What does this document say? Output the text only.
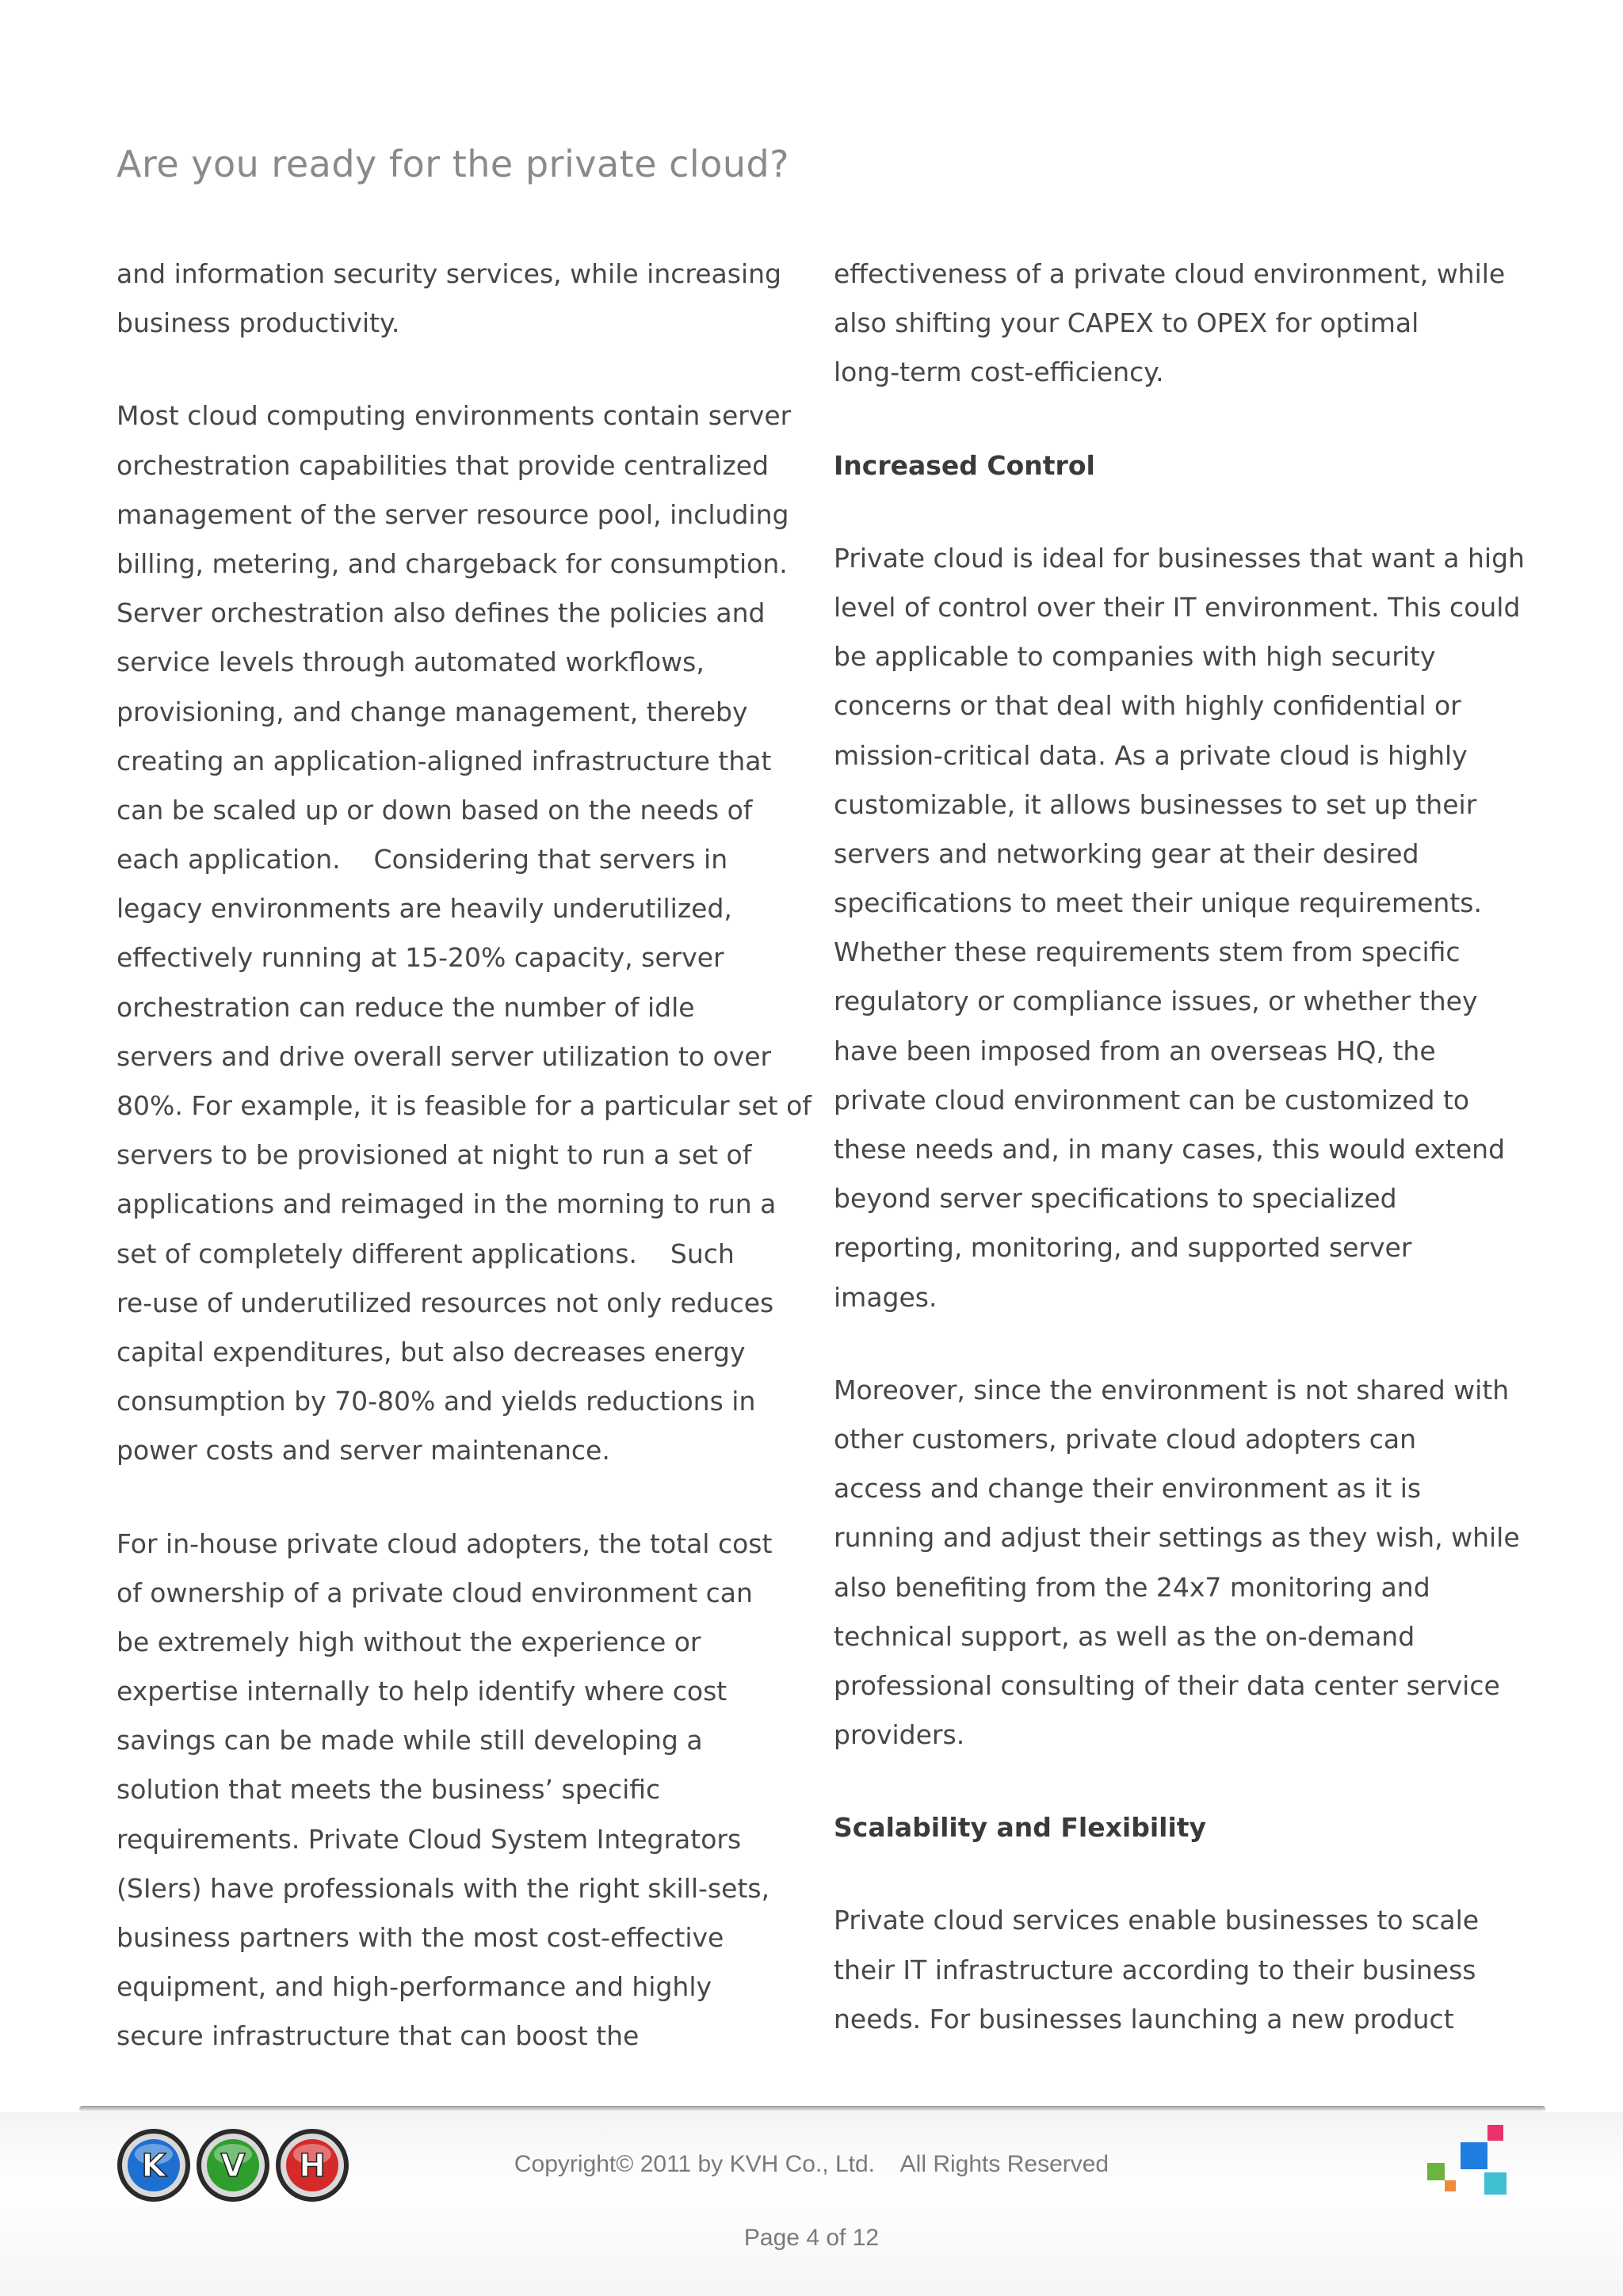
Are you ready for the private cloud?
and information security services, while increasing
business productivity.
Most cloud computing environments contain server
orchestration capabilities that provide centralized
management of the server resource pool, including
billing, metering, and chargeback for consumption.
Server orchestration also defines the policies and
service levels through automated workflows,
provisioning, and change management, thereby
creating an application-aligned infrastructure that
can be scaled up or down based on the needs of
each application.    Considering that servers in
legacy environments are heavily underutilized,
effectively running at 15-20% capacity, server
orchestration can reduce the number of idle
servers and drive overall server utilization to over
80%. For example, it is feasible for a particular set of
servers to be provisioned at night to run a set of
applications and reimaged in the morning to run a
set of completely different applications.    Such
re-use of underutilized resources not only reduces
capital expenditures, but also decreases energy
consumption by 70-80% and yields reductions in
power costs and server maintenance.
For in-house private cloud adopters, the total cost
of ownership of a private cloud environment can
be extremely high without the experience or
expertise internally to help identify where cost
savings can be made while still developing a
solution that meets the business’ specific
requirements. Private Cloud System Integrators
(SIers) have professionals with the right skill-sets,
business partners with the most cost-effective
equipment, and high-performance and highly
secure infrastructure that can boost the
effectiveness of a private cloud environment, while
also shifting your CAPEX to OPEX for optimal
long-term cost-efficiency.
Increased Control
Private cloud is ideal for businesses that want a high
level of control over their IT environment. This could
be applicable to companies with high security
concerns or that deal with highly confidential or
mission-critical data. As a private cloud is highly
customizable, it allows businesses to set up their
servers and networking gear at their desired
specifications to meet their unique requirements.
Whether these requirements stem from specific
regulatory or compliance issues, or whether they
have been imposed from an overseas HQ, the
private cloud environment can be customized to
these needs and, in many cases, this would extend
beyond server specifications to specialized
reporting, monitoring, and supported server
images.
Moreover, since the environment is not shared with
other customers, private cloud adopters can
access and change their environment as it is
running and adjust their settings as they wish, while
also benefiting from the 24x7 monitoring and
technical support, as well as the on-demand
professional consulting of their data center service
providers.
Scalability and Flexibility
Private cloud services enable businesses to scale
their IT infrastructure according to their business
needs. For businesses launching a new product
K V H	Copyright© 2011 by KVH Co., Ltd.    All Rights Reserved
Page 4 of 12
